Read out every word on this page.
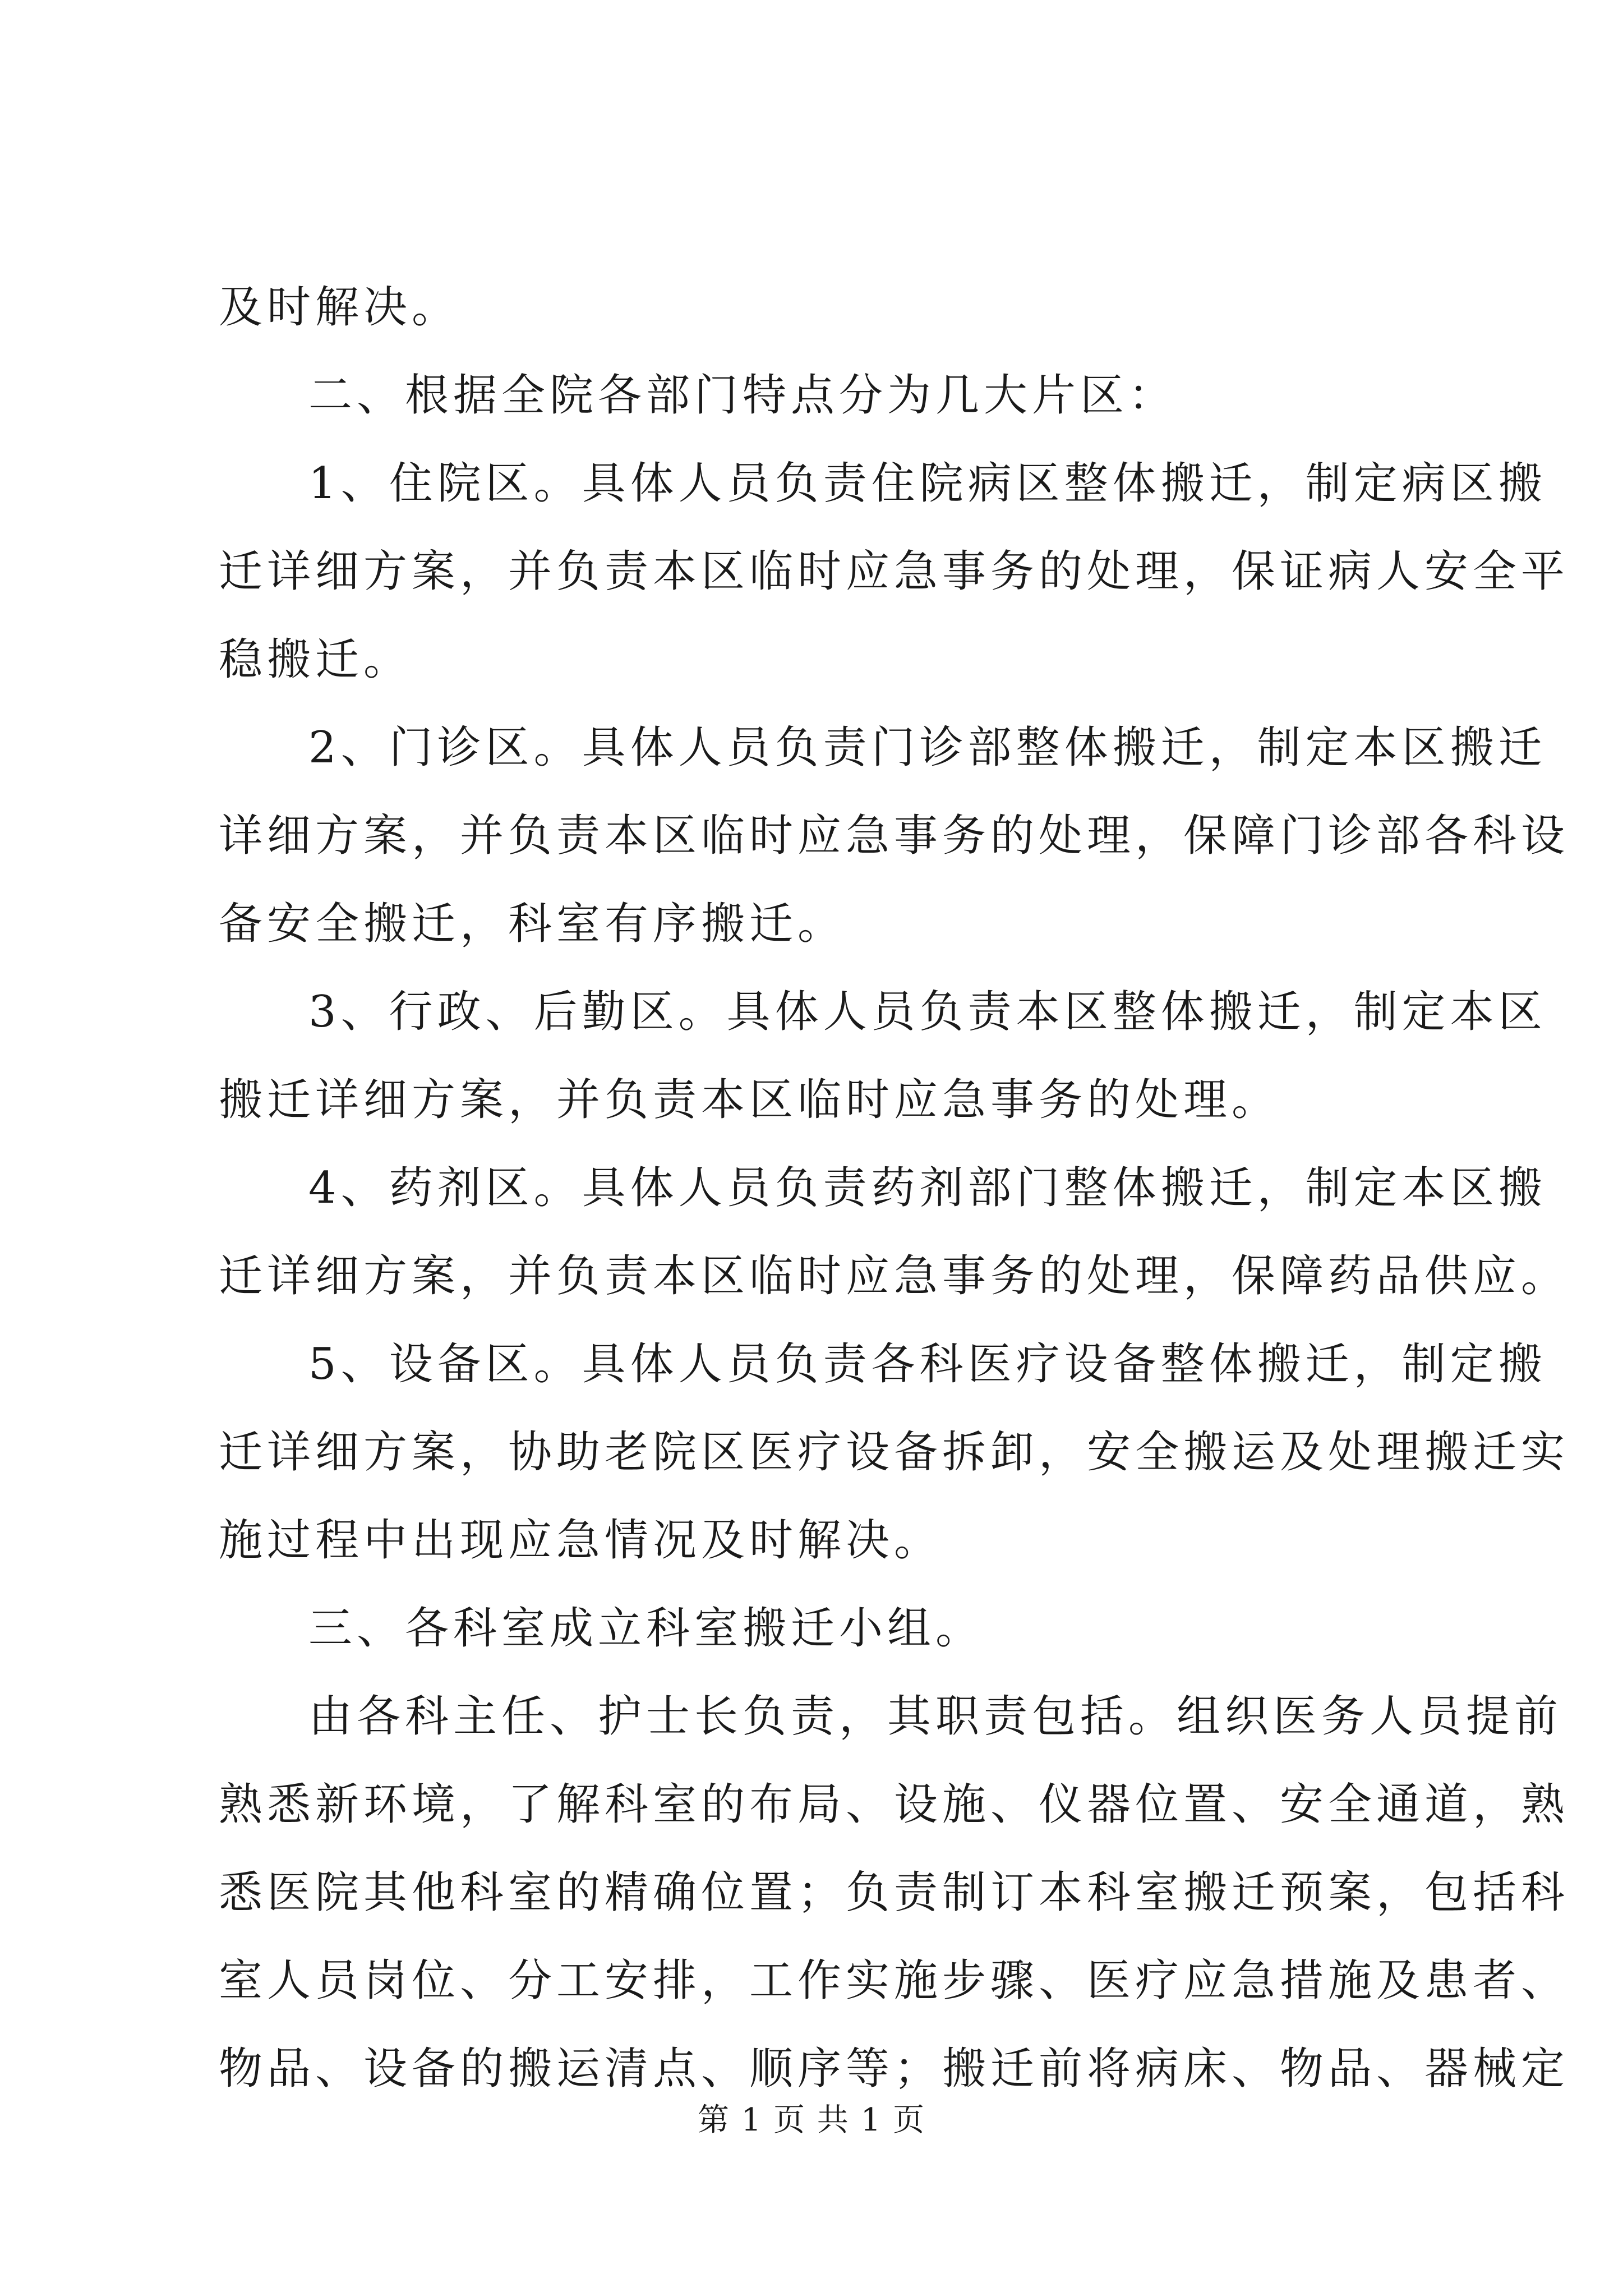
及时解决。
二、根据全院各部门特点分为几大片区：
1、住院区。具体人员负责住院病区整体搬迁，制定病区搬
迁详细方案，并负责本区临时应急事务的处理，保证病人安全平
稳搬迁。
2、门诊区。具体人员负责门诊部整体搬迁，制定本区搬迁
详细方案，并负责本区临时应急事务的处理，保障门诊部各科设
备安全搬迁，科室有序搬迁。
3、行政、后勤区。具体人员负责本区整体搬迁，制定本区
搬迁详细方案，并负责本区临时应急事务的处理。
4、药剂区。具体人员负责药剂部门整体搬迁，制定本区搬
迁详细方案，并负责本区临时应急事务的处理，保障药品供应。
5、设备区。具体人员负责各科医疗设备整体搬迁，制定搬
迁详细方案，协助老院区医疗设备拆卸，安全搬运及处理搬迁实
施过程中出现应急情况及时解决。
三、各科室成立科室搬迁小组。
由各科主任、护士长负责，其职责包括。组织医务人员提前
熟悉新环境，了解科室的布局、设施、仪器位置、安全通道，熟
悉医院其他科室的精确位置；负责制订本科室搬迁预案，包括科
室人员岗位、分工安排，工作实施步骤、医疗应急措施及患者、
物品、设备的搬运清点、顺序等；搬迁前将病床、物品、器械定
第 1 页 共 1 页
